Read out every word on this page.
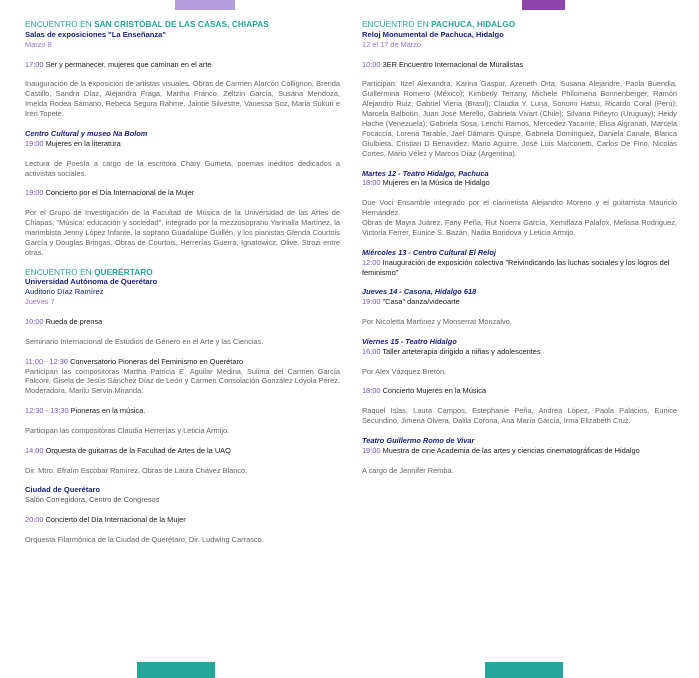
ENCUENTRO EN SAN CRISTÓBAL DE LAS CASAS, CHIAPAS

Salas de exposiciones "La Enseñanza"

Marzo 8

17:00 Ser y permanecer, mujeres que caminan en el arte

Inauguración de la exposición de artistas visuales. Obras de Carmen Alarcón Collignon, Brenda Castillo, Sandra Díaz, Alejandra Fraga, Martha Franco, Zeltzin García, Susana Mendoza, Imelda Rodea Sámano, Rebeca Segura Rahme, Jaintie Silvestre, Vanessa Soz, Maria Sukuri e Ireri Topete.

Centro Cultural y museo Na Bolom

19:00 Mujeres en la literatura

Lectura de Poesía a cargo de la escritora Chary Gumeta, poemas inéditos dedicados a activistas sociales.

19:00 Concierto por el Día Internacional de la Mujer

Por el Grupo de Investigación de la Facultad de Música de la Universidad de las Artes de Chiapas, "Música: educación y sociedad", integrado por la mezzosoprano Yarinalla Martínez, la marimbista Jenny López Infante, la soprano Guadalupe Guillén, y los pianistas Glenda Courtois García y Douglas Bringas. Obras de Courtois, Herrerías Guerra, Ignatowicz, Olive, Strozi entre otras.

ENCUENTRO EN QUERÉRTARO

Universidad Autónoma de Querétaro

Auditorio Díaz Ramírez

Jueves 7

10:00 Rueda de prensa

Seminario Internacional de Estudios de Género en el Arte y las Ciencias.

11:00 - 12:30 Conversatorio Pioneras del Feminismo en Querétaro

Participan las compositoras Martha Patricia E. Aguilar Medina, Sulima del Carmen García Falconi, Gisela de Jesús Sánchez Díaz de León y Carmen Consolación González Loyola Pérez. Moderadora, Marilu Servín Miranda.

12:30 - 13:30 Pioneras en la música.

Participan las compositoras Claudia Herrerías y Leticia Armijo.

14:00 Orquesta de guitarras de la Facultad de Artes de la UAQ

Dir. Mtro. Efraím Escobar Ramírez. Obras de Laura Chávez Blanco.

Ciudad de Querétaro

Salón Corregidora, Centro de Congresos

20:00 Concierto del Día Internacional de la Mujer

Orquesta Filarmónica de la Ciudad de Querétaro, Dir. Ludwing Carrasco.

ENCUENTRO EN PACHUCA, HIDALGO

Reloj Monumental de Pachuca, Hidalgo

12 el 17 de Marzo

10:00 3ER Encuentro Internacional de Muralistas

Participan: Itzel Alexandra, Karina Gaspar, Azeneth Orta, Susana Alejandre, Paola Buendia, Guillermina Romero (México); Kimberly Terrany, Michele Philomena Bonnenberger, Ramón Alejandro Ruiz, Gabriel Vieria (Brasil); Claudia Y. Luna, Sonomi Hatsu, Ricardo Coral (Perú); Marcela Balbotín, Juan José Merello, Gabriela Vivart (Chile); Silvana Piñeyro (Uruguay); Heidy Hache (Venezuela); Gabriela Sosa, Lenchi Ramos, Mercedez Yacante, Elisa Algranati, Marcela Focaccia, Lorena Tarable, Jael Dámaris Quispe, Gabriela Dominguez, Daniela Canale, Blanca Giulbieta, Cristian D Benavidez, Mario Aguirre, José Luis Marconetti, Carlos De Fino, Nicolás Cortes, Mario Vélez y Marcos Díaz (Argentina).

Martes 12 - Teatro Hidalgo, Pachuca

18:00 Mujeres en la Música de Hidalgo

Due Voci Ensamble integrado por el clarinetista Alejandro Moreno y el guitarrista Mauricio Hernández.

Obras de Mayra Juárez, Fany Peña, Rut Noemi García, Xemiflaza Palafox, Melissa Rodriguez, Victoria Ferrer, Eunice S. Bazán, Nadia Boridova y Leticia Armijo.

Miércoles 13 - Centro Cultural El Reloj

12:00 Inauguración de exposición colectiva "Reivindicando las luchas sociales y los logros del feminismo"

Jueves 14 - Casona, Hidalgo 618

19:00 "Casa" danza/videoarte

Por Nicoletta Martínez y Monserrat Monzalvo.

Viernes 15 - Teatro Hidalgo

16:00 Taller arteterapia dirigido a niñas y adolescentes

Por Alex Vázquez Bretón.

18:00 Concierto Mujeres en la Música

Raquel Islas, Laura Campos, Estephanie Peña, Andrea López, Paola Palacios, Eunice Secundino, Jimena Olvera, Dalila Corona, Ana María García, Irma Elizabeth Cruz.

Teatro Guillermo Romo de Vivar

19:00 Muestra de cine Academia de las artes y ciencias cinematográficas de Hidalgo

A cargo de Jennifer Remba.
